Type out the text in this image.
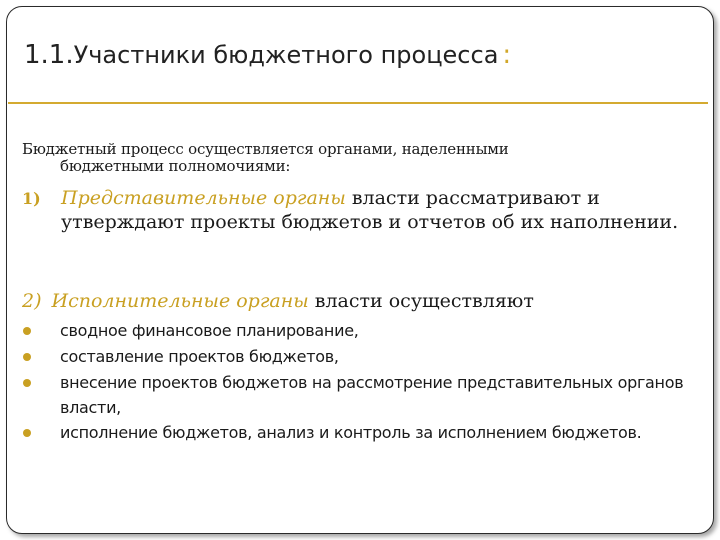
1.1.Участники бюджетного процесса :
Бюджетный процесс осуществляется органами, наделенными
бюджетными полномочиями:
1)	Представительные органы власти рассматривают и утверждают проекты бюджетов и отчетов об их наполнении.
2) Исполнительные органы власти осуществляют
сводное финансовое планирование,
составление проектов бюджетов,
внесение проектов бюджетов на рассмотрение представительных органов власти,
исполнение бюджетов, анализ и контроль за исполнением бюджетов.
